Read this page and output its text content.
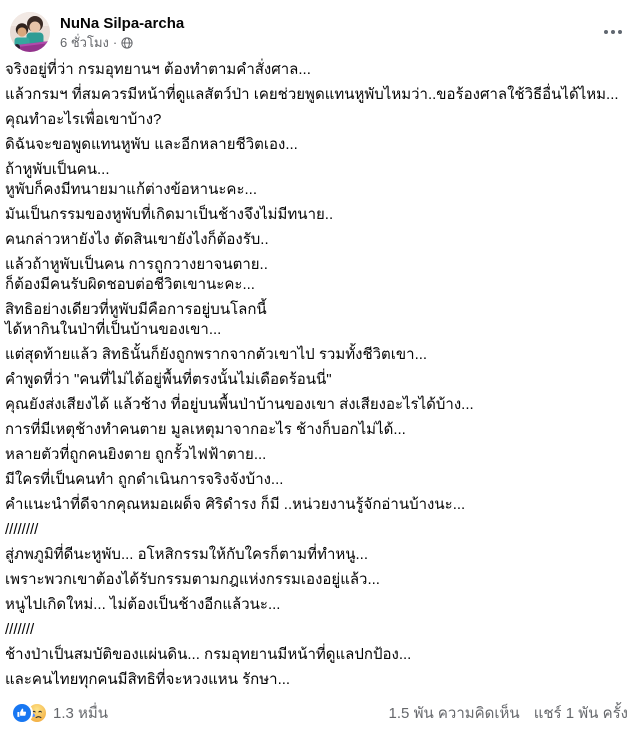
NuNa Silpa-archa
6 ชั่วโมง ·
จริงอยู่ที่ว่า กรมอุทยานฯ ต้องทำตามคำสั่งศาล...
แล้วกรมฯ ที่สมควรมีหน้าที่ดูแลสัตว์ป่า เคยช่วยพูดแทนหูพับไหมว่า..ขอร้องศาลใช้วิธีอื่นได้ไหม...
คุณทำอะไรเพื่อเขาบ้าง?
ดิฉันจะขอพูดแทนหูพับ และอีกหลายชีวิตเอง...
ถ้าหูพับเป็นคน...
หูพับก็คงมีทนายมาแก้ต่างข้อหานะคะ...
มันเป็นกรรมของหูพับที่เกิดมาเป็นช้างจึงไม่มีทนาย..
คนกล่าวหายังไง ตัดสินเขายังไงก็ต้องรับ..
แล้วถ้าหูพับเป็นคน การถูกวางยาจนตาย..
ก็ต้องมีคนรับผิดชอบต่อชีวิตเขานะคะ...
สิทธิอย่างเดียวที่หูพับมีคือการอยู่บนโลกนี้
ได้หากินในป่าที่เป็นบ้านของเขา...
แต่สุดท้ายแล้ว สิทธินั้นก็ยังถูกพรากจากตัวเขาไป รวมทั้งชีวิตเขา...
คำพูดที่ว่า "คนที่ไม่ได้อยู่พื้นที่ตรงนั้นไม่เดือดร้อนนี่"
คุณยังส่งเสียงได้ แล้วช้าง ที่อยู่บนพื้นป่าบ้านของเขา ส่งเสียงอะไรได้บ้าง...
การที่มีเหตุช้างทำคนตาย มูลเหตุมาจากอะไร ช้างก็บอกไม่ได้...
หลายตัวที่ถูกคนยิงตาย ถูกรั้วไฟฟ้าตาย...
มีใครที่เป็นคนทำ ถูกดำเนินการจริงจังบ้าง...
คำแนะนำที่ดีจากคุณหมอเผด็จ ศิริดำรง ก็มี ..หน่วยงานรู้จักอ่านบ้างนะ...
////////
สู่ภพภูมิที่ดีนะหูพับ... อโหสิกรรมให้กับใครก็ตามที่ทำหนู...
เพราะพวกเขาต้องได้รับกรรมตามกฎแห่งกรรมเองอยู่แล้ว...
หนูไปเกิดใหม่... ไม่ต้องเป็นช้างอีกแล้วนะ...
///////
ช้างป่าเป็นสมบัติของแผ่นดิน... กรมอุทยานมีหน้าที่ดูแลปกป้อง...
และคนไทยทุกคนมีสิทธิที่จะหวงแหน รักษา...
1.3 หมื่น	1.5 พัน ความคิดเห็น แชร์ 1 พัน ครั้ง
